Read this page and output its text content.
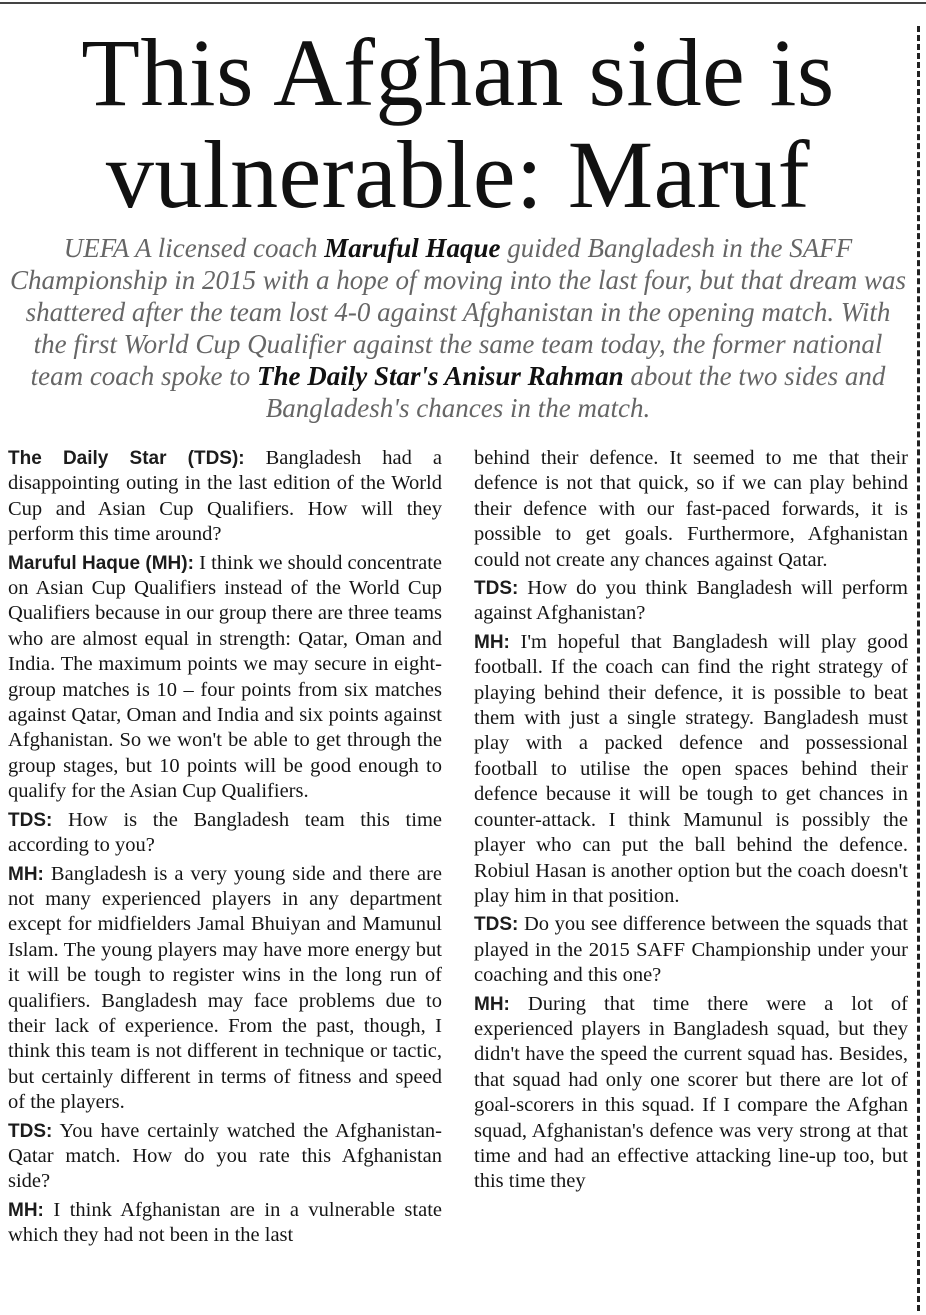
This Afghan side is vulnerable: Maruf

UEFA A licensed coach Maruful Haque guided Bangladesh in the SAFF Championship in 2015 with a hope of moving into the last four, but that dream was shattered after the team lost 4-0 against Afghanistan in the opening match. With the first World Cup Qualifier against the same team today, the former national team coach spoke to The Daily Star's Anisur Rahman about the two sides and Bangladesh's chances in the match.

The Daily Star (TDS): Bangladesh had a disappointing outing in the last edition of the World Cup and Asian Cup Qualifiers. How will they perform this time around?

Maruful Haque (MH): I think we should concentrate on Asian Cup Qualifiers instead of the World Cup Qualifiers because in our group there are three teams who are almost equal in strength: Qatar, Oman and India. The maximum points we may secure in eight-group matches is 10 – four points from six matches against Qatar, Oman and India and six points against Afghanistan. So we won't be able to get through the group stages, but 10 points will be good enough to qualify for the Asian Cup Qualifiers.

TDS: How is the Bangladesh team this time according to you?

MH: Bangladesh is a very young side and there are not many experienced players in any department except for midfielders Jamal Bhuiyan and Mamunul Islam. The young players may have more energy but it will be tough to register wins in the long run of qualifiers. Bangladesh may face problems due to their lack of experience. From the past, though, I think this team is not different in technique or tactic, but certainly different in terms of fitness and speed of the players.

TDS: You have certainly watched the Afghanistan-Qatar match. How do you rate this Afghanistan side?

MH: I think Afghanistan are in a vulnerable state which they had not been in the last

behind their defence. It seemed to me that their defence is not that quick, so if we can play behind their defence with our fast-paced forwards, it is possible to get goals. Furthermore, Afghanistan could not create any chances against Qatar.

TDS: How do you think Bangladesh will perform against Afghanistan?

MH: I'm hopeful that Bangladesh will play good football. If the coach can find the right strategy of playing behind their defence, it is possible to beat them with just a single strategy. Bangladesh must play with a packed defence and possessional football to utilise the open spaces behind their defence because it will be tough to get chances in counter-attack. I think Mamunul is possibly the player who can put the ball behind the defence. Robiul Hasan is another option but the coach doesn't play him in that position.

TDS: Do you see difference between the squads that played in the 2015 SAFF Championship under your coaching and this one?

MH: During that time there were a lot of experienced players in Bangladesh squad, but they didn't have the speed the current squad has. Besides, that squad had only one scorer but there are lot of goal-scorers in this squad. If I compare the Afghan squad, Afghanistan's defence was very strong at that time and had an effective attacking line-up too, but this time they
